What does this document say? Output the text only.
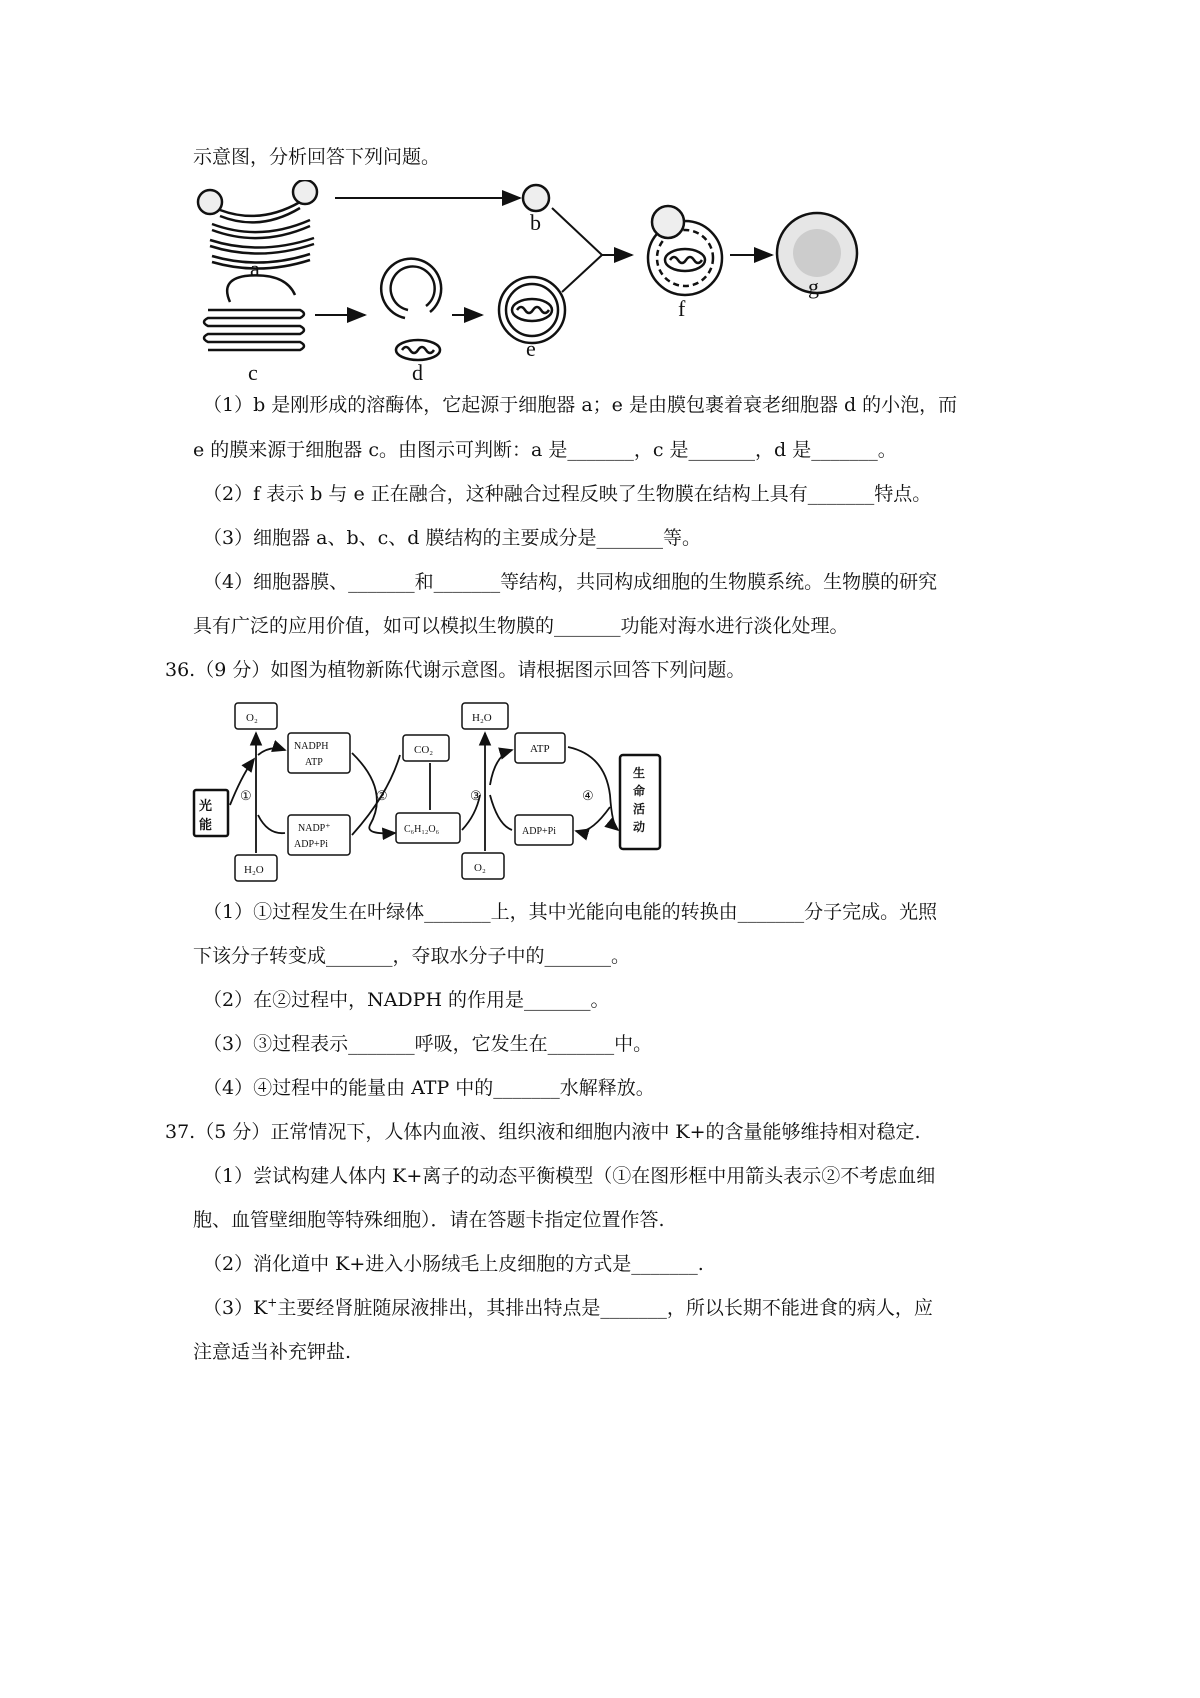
示意图，分析回答下列问题。
a
c
b
d
e
f
g
（1）b 是刚形成的溶酶体，它起源于细胞器 a；e 是由膜包裹着衰老细胞器 d 的小泡，而
e 的膜来源于细胞器 c。由图示可判断：a 是_______，c 是_______，d 是_______。
（2）f 表示 b 与 e 正在融合，这种融合过程反映了生物膜在结构上具有_______特点。
（3）细胞器 a、b、c、d 膜结构的主要成分是_______等。
（4）细胞器膜、_______和_______等结构，共同构成细胞的生物膜系统。生物膜的研究
具有广泛的应用价值，如可以模拟生物膜的_______功能对海水进行淡化处理。
36.（9 分）如图为植物新陈代谢示意图。请根据图示回答下列问题。
O₂
NADPH
ATP
NADP⁺
ADP+Pi
光
能
H₂O
CO₂
C₆H₁₂O₆
H₂O
O₂
ATP
ADP+Pi
生
命
活
动
①	②	③	④
（1）①过程发生在叶绿体_______上，其中光能向电能的转换由_______分子完成。光照
下该分子转变成_______，夺取水分子中的_______。
（2）在②过程中，NADPH 的作用是_______。
（3）③过程表示_______呼吸，它发生在_______中。
（4）④过程中的能量由 ATP 中的_______水解释放。
37.（5 分）正常情况下，人体内血液、组织液和细胞内液中 K+的含量能够维持相对稳定.
（1）尝试构建人体内 K+离子的动态平衡模型（①在图形框中用箭头表示②不考虑血细
胞、血管壁细胞等特殊细胞）．请在答题卡指定位置作答.
（2）消化道中 K+进入小肠绒毛上皮细胞的方式是_______.
（3）K+主要经肾脏随尿液排出，其排出特点是_______，所以长期不能进食的病人，应
注意适当补充钾盐.
